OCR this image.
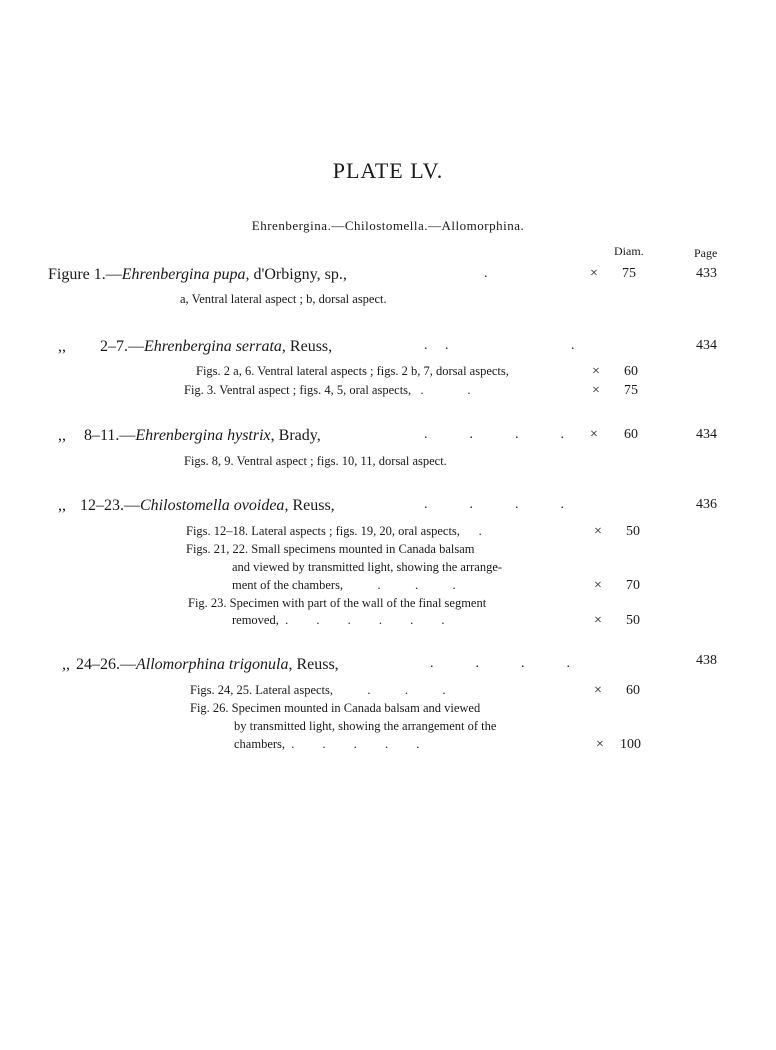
PLATE LV.
Ehrenbergina.—Chilostomella.—Allomorphina.
Diam.	Page
Figure 1.—Ehrenbergina pupa, d'Orbigny, sp.,	.	× 75	433
a, Ventral lateral aspect ; b, dorsal aspect.
,, 2–7.—Ehrenbergina serrata, Reuss,	.     .                                   .	434
Figs. 2 a, 6. Ventral lateral aspects ; figs. 2 b, 7, dorsal aspects,	× 60
Fig. 3. Ventral aspect ; figs. 4, 5, oral aspects,   .              .	× 75
,, 8–11.—Ehrenbergina hystrix, Brady,	.            .            .            . × 60	434
Figs. 8, 9. Ventral aspect ; figs. 10, 11, dorsal aspect.
,, 12–23.—Chilostomella ovoidea, Reuss,	.            .            .            .	436
Figs. 12–18. Lateral aspects ; figs. 19, 20, oral aspects,      .	× 50
Figs. 21, 22. Small specimens mounted in Canada balsam
and viewed by transmitted light, showing the arrange-
ment of the chambers,           .           .           .	× 70
Fig. 23. Specimen with part of the wall of the final segment
removed,  .         .         .         .         .         .	× 50
,, 24–26.—Allomorphina trigonula, Reuss,	.            .            .            .	438
Figs. 24, 25. Lateral aspects,           .           .           .	× 60
Fig. 26. Specimen mounted in Canada balsam and viewed
by transmitted light, showing the arrangement of the
chambers,  .         .         .         .         .	× 100
